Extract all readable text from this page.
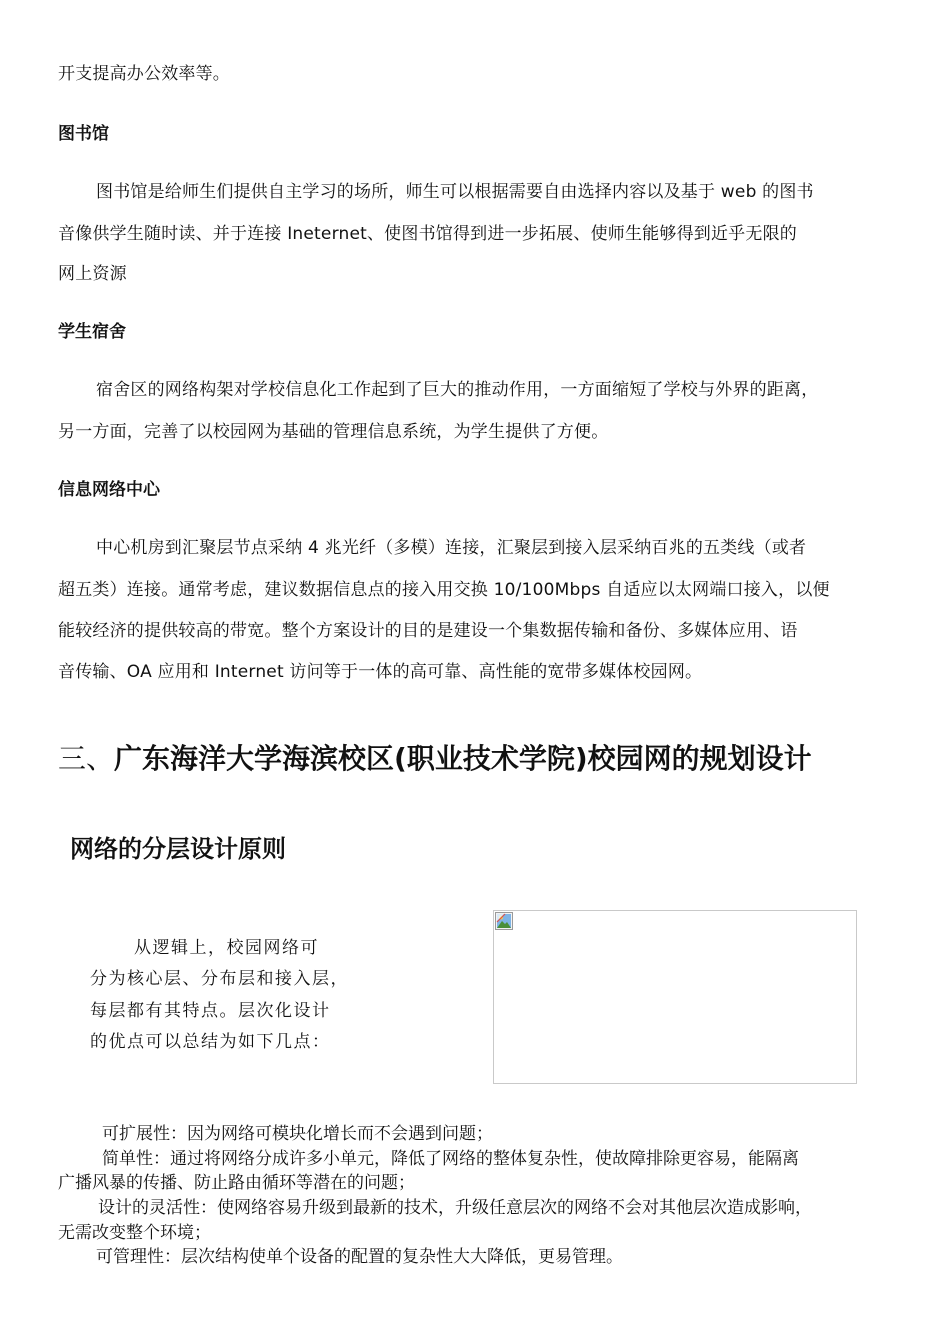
开支提高办公效率等。
图书馆
图书馆是给师生们提供自主学习的场所，师生可以根据需要自由选择内容以及基于 web 的图书
音像供学生随时读、并于连接 Ineternet、使图书馆得到进一步拓展、使师生能够得到近乎无限的
网上资源
学生宿舍
宿舍区的网络构架对学校信息化工作起到了巨大的推动作用，一方面缩短了学校与外界的距离，
另一方面，完善了以校园网为基础的管理信息系统，为学生提供了方便。
信息网络中心
中心机房到汇聚层节点采纳 4 兆光纤（多模）连接，汇聚层到接入层采纳百兆的五类线（或者
超五类）连接。通常考虑，建议数据信息点的接入用交换 10/100Mbps 自适应以太网端口接入，以便
能较经济的提供较高的带宽。整个方案设计的目的是建设一个集数据传输和备份、多媒体应用、语
音传输、OA 应用和 Internet 访问等于一体的高可靠、高性能的宽带多媒体校园网。
三、广东海洋大学海滨校区(职业技术学院)校园网的规划设计
网络的分层设计原则
从逻辑上，校园网络可
分为核心层、分布层和接入层，
每层都有其特点。层次化设计
的优点可以总结为如下几点：
可扩展性：因为网络可模块化增长而不会遇到问题；
简单性：通过将网络分成许多小单元，降低了网络的整体复杂性，使故障排除更容易，能隔离
广播风暴的传播、防止路由循环等潜在的问题；
设计的灵活性：使网络容易升级到最新的技术，升级任意层次的网络不会对其他层次造成影响，
无需改变整个环境；
可管理性：层次结构使单个设备的配置的复杂性大大降低，更易管理。
